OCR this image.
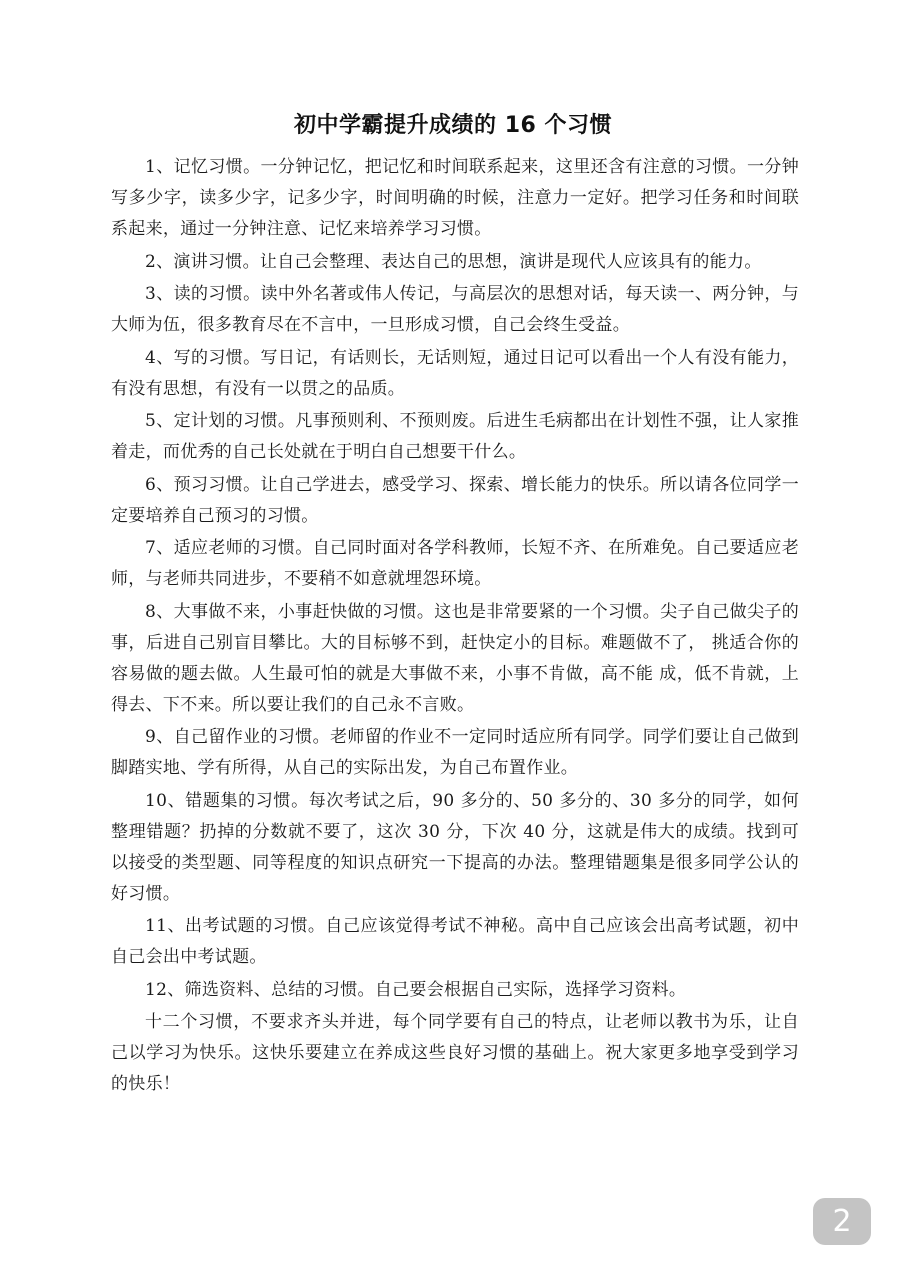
初中学霸提升成绩的 16 个习惯

1、记忆习惯。一分钟记忆，把记忆和时间联系起来，这里还含有注意的习惯。一分钟写多少字，读多少字，记多少字，时间明确的时候，注意力一定好。把学习任务和时间联系起来，通过一分钟注意、记忆来培养学习习惯。

2、演讲习惯。让自己会整理、表达自己的思想，演讲是现代人应该具有的能力。

3、读的习惯。读中外名著或伟人传记，与高层次的思想对话，每天读一、两分钟，与大师为伍，很多教育尽在不言中，一旦形成习惯，自己会终生受益。

4、写的习惯。写日记，有话则长，无话则短，通过日记可以看出一个人有没有能力，有没有思想，有没有一以贯之的品质。

5、定计划的习惯。凡事预则利、不预则废。后进生毛病都出在计划性不强，让人家推着走，而优秀的自己长处就在于明白自己想要干什么。

6、预习习惯。让自己学进去，感受学习、探索、增长能力的快乐。所以请各位同学一定要培养自己预习的习惯。

7、适应老师的习惯。自己同时面对各学科教师，长短不齐、在所难免。自己要适应老师，与老师共同进步，不要稍不如意就埋怨环境。

8、大事做不来，小事赶快做的习惯。这也是非常要紧的一个习惯。尖子自己做尖子的事，后进自己别盲目攀比。大的目标够不到，赶快定小的目标。难题做不了， 挑适合你的容易做的题去做。人生最可怕的就是大事做不来，小事不肯做，高不能 成，低不肯就，上得去、下不来。所以要让我们的自己永不言败。

9、自己留作业的习惯。老师留的作业不一定同时适应所有同学。同学们要让自己做到脚踏实地、学有所得，从自己的实际出发，为自己布置作业。

10、错题集的习惯。每次考试之后，90 多分的、50 多分的、30 多分的同学，如何整理错题？扔掉的分数就不要了，这次 30 分，下次 40 分，这就是伟大的成绩。找到可以接受的类型题、同等程度的知识点研究一下提高的办法。整理错题集是很多同学公认的好习惯。

11、出考试题的习惯。自己应该觉得考试不神秘。高中自己应该会出高考试题，初中自己会出中考试题。

12、筛选资料、总结的习惯。自己要会根据自己实际，选择学习资料。

十二个习惯，不要求齐头并进，每个同学要有自己的特点，让老师以教书为乐，让自己以学习为快乐。这快乐要建立在养成这些良好习惯的基础上。祝大家更多地享受到学习的快乐！

2
